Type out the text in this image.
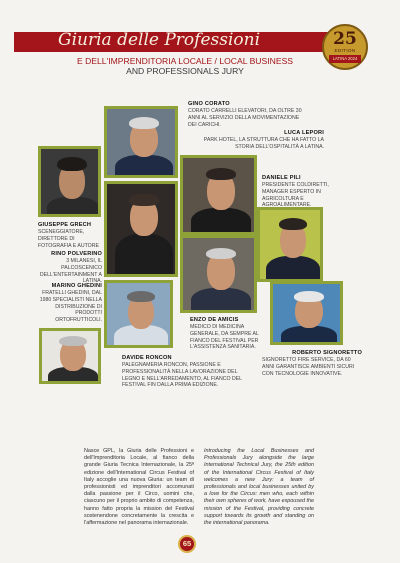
Giuria delle Professioni
E DELL'IMPRENDITORIA LOCALE / LOCAL BUSINESS
AND PROFESSIONALS JURY
25
EDITION
LATINA 2024
GINO CORATO
CORATO CARRELLI ELEVATORI, DA OLTRE 30 ANNI AL SERVIZIO DELLA MOVIMENTAZIONE DEI CARICHI.
LUCA LEPORI
PARK HOTEL, LA STRUTTURA CHE HA FATTO LA STORIA DELL'OSPITALITÀ A LATINA.
DANIELE PILI
PRESIDENTE COLDIRETTI, MANAGER ESPERTO IN AGRICOLTURA E AGROALIMENTARE.
GIUSEPPE GRECH
SCENEGGIATORE, DIRETTORE DI FOTOGRAFIA E AUTORE
RINO POLVERINO
3 MILANESI, IL PALCOSCENICO DELL'ENTERTAINMENT A LATINA.
MARINO GHEDINI
FRATELLI GHEDINI, DAL 1980 SPECIALISTI NELLA DISTRIBUZIONE DI PRODOTTI ORTOFRUTTICOLI.	ENZO DE AMICIS
MEDICO DI MEDICINA GENERALE, DA SEMPRE AL FIANCO DEL FESTIVAL PER L'ASSISTENZA SANITARIA.
ROBERTO SIGNORETTO
SIGNORETTO FIRE SERVICE, DA 60 ANNI GARANTISCE AMBIENTI SICURI CON TECNOLOGIE INNOVATIVE.
DAVIDE RONCON
PALEGNAMERIA RONCON, PASSIONE E PROFESSIONALITÀ NELLA LAVORAZIONE DEL LEGNO E NELL'ARREDAMENTO, AL FIANCO DEL FESTIVAL FIN DALLA PRIMA EDIZIONE.
Nasce GPL, la Giuria delle Professioni e dell'Imprenditoria Locale, al fianco della grande Giuria Tecnica Internazionale, la 25ª edizione dell'International Circus Festival of Italy accoglie una nuova Giuria: un team di professionisti ed imprenditori accomunati dalla passione per il Circo, uomini che, ciascuno per il proprio ambito di competenza, hanno fatto propria la mission del Festival sostenendone concretamente la crescita e l'affermazione nel panorama internazionale.
Introducing the Local Businesses and Professionals Jury alongside the large International Technical Jury, the 25th edition of the International Circus Festival of Italy welcomes a new Jury: a team of professionals and local businesses united by a love for the Circus: men who, each within their own spheres of work, have espoused the mission of the Festival, providing concrete support towards its growth and standing on the international panorama.
65
